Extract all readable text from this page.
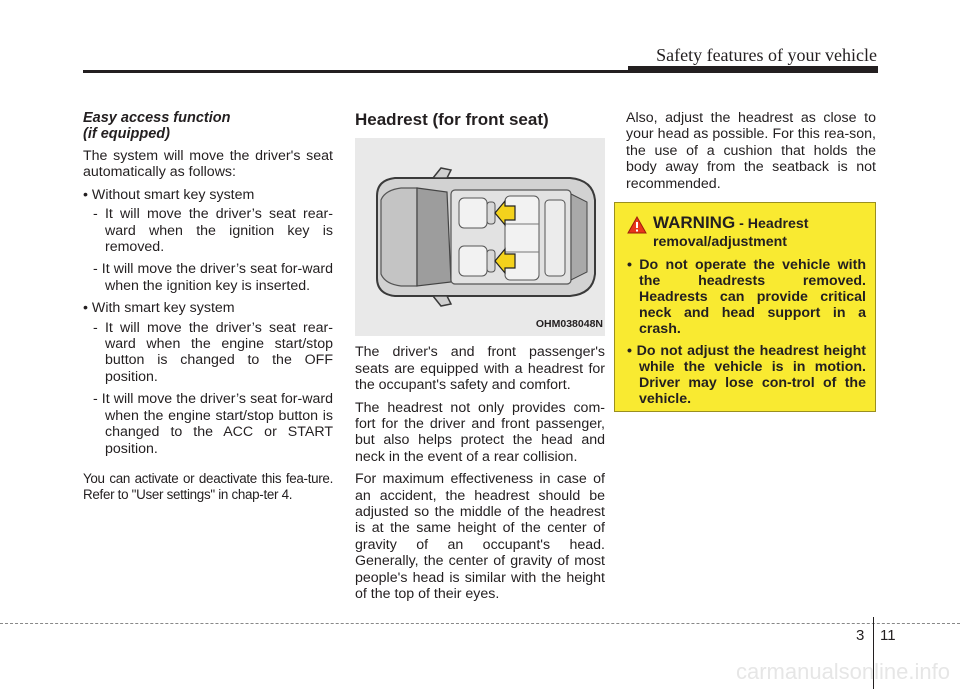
Safety features of your vehicle
Easy access function
(if equipped)

The system will move the driver's seat automatically as follows:

• Without smart key system
- It will move the driver’s seat rear-ward when the ignition key is removed.
- It will move the driver’s seat for-ward when the ignition key is inserted.
• With smart key system
- It will move the driver’s seat rear-ward when the engine start/stop button is changed to the OFF position.
- It will move the driver’s seat for-ward when the engine start/stop button is changed to the ACC or START position.

You can activate or deactivate this fea-ture. Refer to "User settings" in chap-ter 4.

Headrest (for front seat)
OHM038048N

The driver's and front passenger's seats are equipped with a headrest for the occupant's safety and comfort.

The headrest not only provides com-fort for the driver and front passenger, but also helps protect the head and neck in the event of a rear collision.

For maximum effectiveness in case of an accident, the headrest should be adjusted so the middle of the headrest is at the same height of the center of gravity of an occupant's head. Generally, the center of gravity of most people's head is similar with the height of the top of their eyes.

Also, adjust the headrest as close to your head as possible. For this rea-son, the use of a cushion that holds the body away from the seatback is not recommended.

WARNING - Headrest
removal/adjustment
• Do not operate the vehicle with the headrests removed. Headrests can provide critical neck and head support in a crash.
• Do not adjust the headrest height while the vehicle is in motion. Driver may lose con-trol of the vehicle.
3 11
carmanualsonline.info
